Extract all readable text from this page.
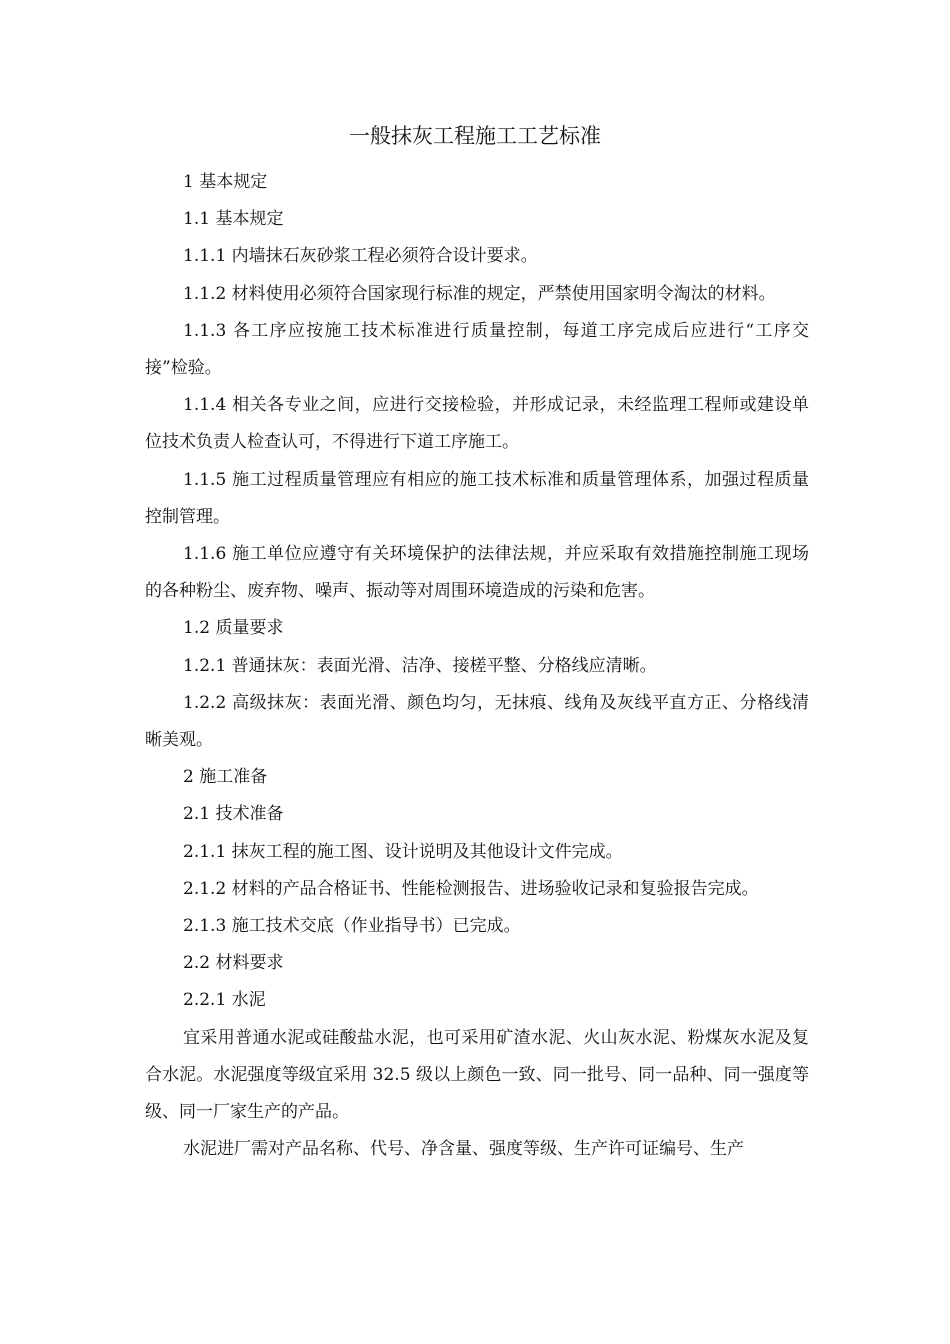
一般抹灰工程施工工艺标准

1 基本规定

1.1 基本规定

1.1.1 内墙抹石灰砂浆工程必须符合设计要求。

1.1.2 材料使用必须符合国家现行标准的规定，严禁使用国家明令淘汰的材料。

1.1.3 各工序应按施工技术标准进行质量控制，每道工序完成后应进行“工序交接”检验。

1.1.4 相关各专业之间，应进行交接检验，并形成记录，未经监理工程师或建设单位技术负责人检查认可，不得进行下道工序施工。

1.1.5 施工过程质量管理应有相应的施工技术标准和质量管理体系，加强过程质量控制管理。

1.1.6 施工单位应遵守有关环境保护的法律法规，并应采取有效措施控制施工现场的各种粉尘、废弃物、噪声、振动等对周围环境造成的污染和危害。

1.2 质量要求

1.2.1 普通抹灰：表面光滑、洁净、接槎平整、分格线应清晰。

1.2.2 高级抹灰：表面光滑、颜色均匀，无抹痕、线角及灰线平直方正、分格线清晰美观。

2 施工准备

2.1 技术准备

2.1.1 抹灰工程的施工图、设计说明及其他设计文件完成。

2.1.2 材料的产品合格证书、性能检测报告、进场验收记录和复验报告完成。

2.1.3 施工技术交底（作业指导书）已完成。

2.2 材料要求

2.2.1 水泥

宜采用普通水泥或硅酸盐水泥，也可采用矿渣水泥、火山灰水泥、粉煤灰水泥及复合水泥。水泥强度等级宜采用 32.5 级以上颜色一致、同一批号、同一品种、同一强度等级、同一厂家生产的产品。

水泥进厂需对产品名称、代号、净含量、强度等级、生产许可证编号、生产
